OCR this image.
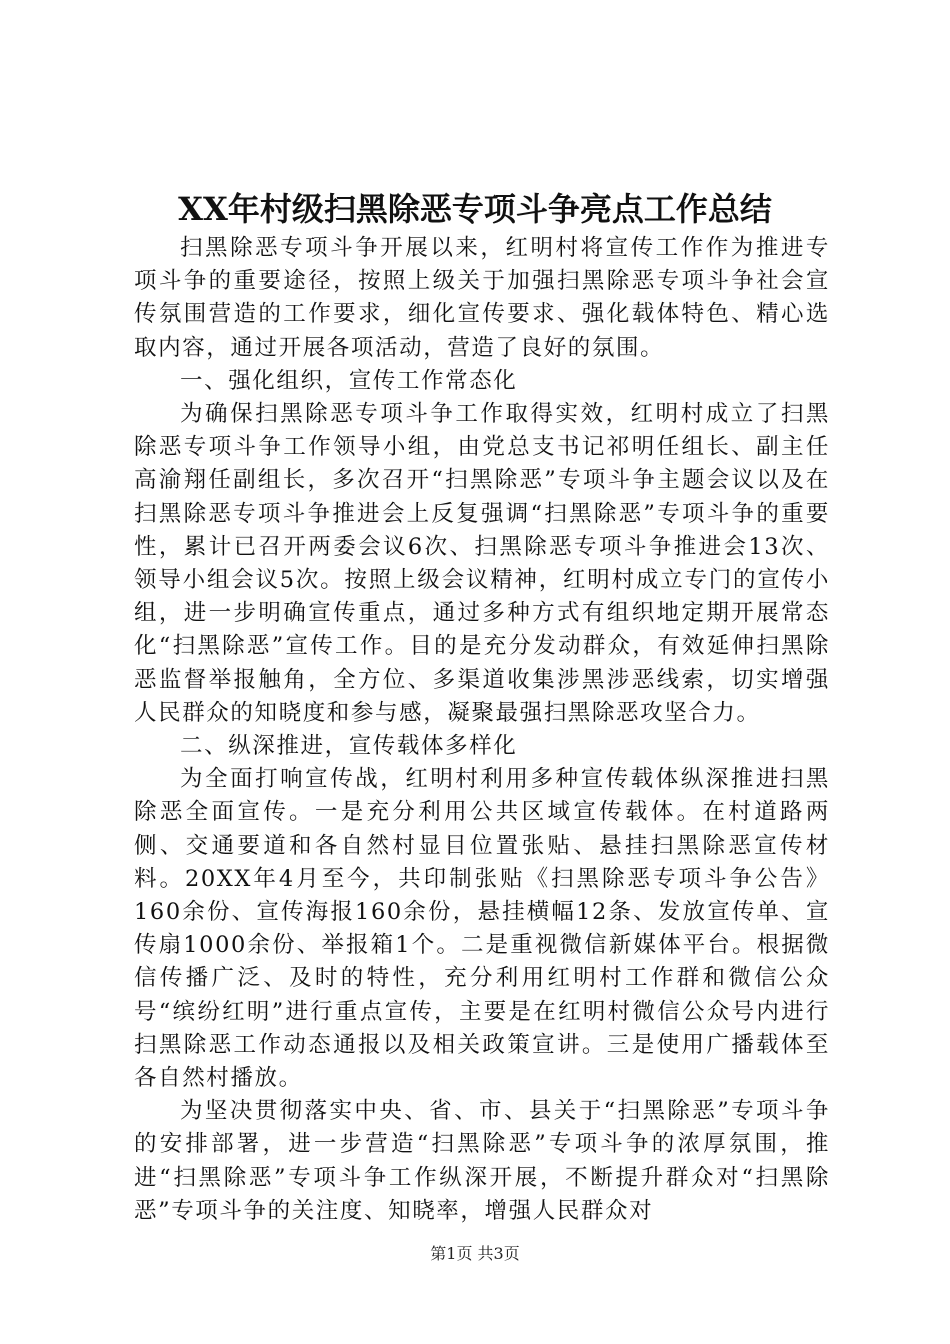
XX年村级扫黑除恶专项斗争亮点工作总结

扫黑除恶专项斗争开展以来，红明村将宣传工作作为推进专项斗争的重要途径，按照上级关于加强扫黑除恶专项斗争社会宣传氛围营造的工作要求，细化宣传要求、强化载体特色、精心选取内容，通过开展各项活动，营造了良好的氛围。

一、强化组织，宣传工作常态化

为确保扫黑除恶专项斗争工作取得实效，红明村成立了扫黑除恶专项斗争工作领导小组，由党总支书记祁明任组长、副主任高渝翔任副组长，多次召开“扫黑除恶”专项斗争主题会议以及在扫黑除恶专项斗争推进会上反复强调“扫黑除恶”专项斗争的重要性，累计已召开两委会议6次、扫黑除恶专项斗争推进会13次、领导小组会议5次。按照上级会议精神，红明村成立专门的宣传小组，进一步明确宣传重点，通过多种方式有组织地定期开展常态化“扫黑除恶”宣传工作。目的是充分发动群众，有效延伸扫黑除恶监督举报触角，全方位、多渠道收集涉黑涉恶线索，切实增强人民群众的知晓度和参与感，凝聚最强扫黑除恶攻坚合力。

二、纵深推进，宣传载体多样化

为全面打响宣传战，红明村利用多种宣传载体纵深推进扫黑除恶全面宣传。一是充分利用公共区域宣传载体。在村道路两侧、交通要道和各自然村显目位置张贴、悬挂扫黑除恶宣传材料。20XX年4月至今，共印制张贴《扫黑除恶专项斗争公告》160余份、宣传海报160余份，悬挂横幅12条、发放宣传单、宣传扇1000余份、举报箱1个。二是重视微信新媒体平台。根据微信传播广泛、及时的特性，充分利用红明村工作群和微信公众号“缤纷红明”进行重点宣传，主要是在红明村微信公众号内进行扫黑除恶工作动态通报以及相关政策宣讲。三是使用广播载体至各自然村播放。

为坚决贯彻落实中央、省、市、县关于“扫黑除恶”专项斗争的安排部署，进一步营造“扫黑除恶”专项斗争的浓厚氛围，推进“扫黑除恶”专项斗争工作纵深开展，不断提升群众对“扫黑除恶”专项斗争的关注度、知晓率，增强人民群众对

第1页 共3页
